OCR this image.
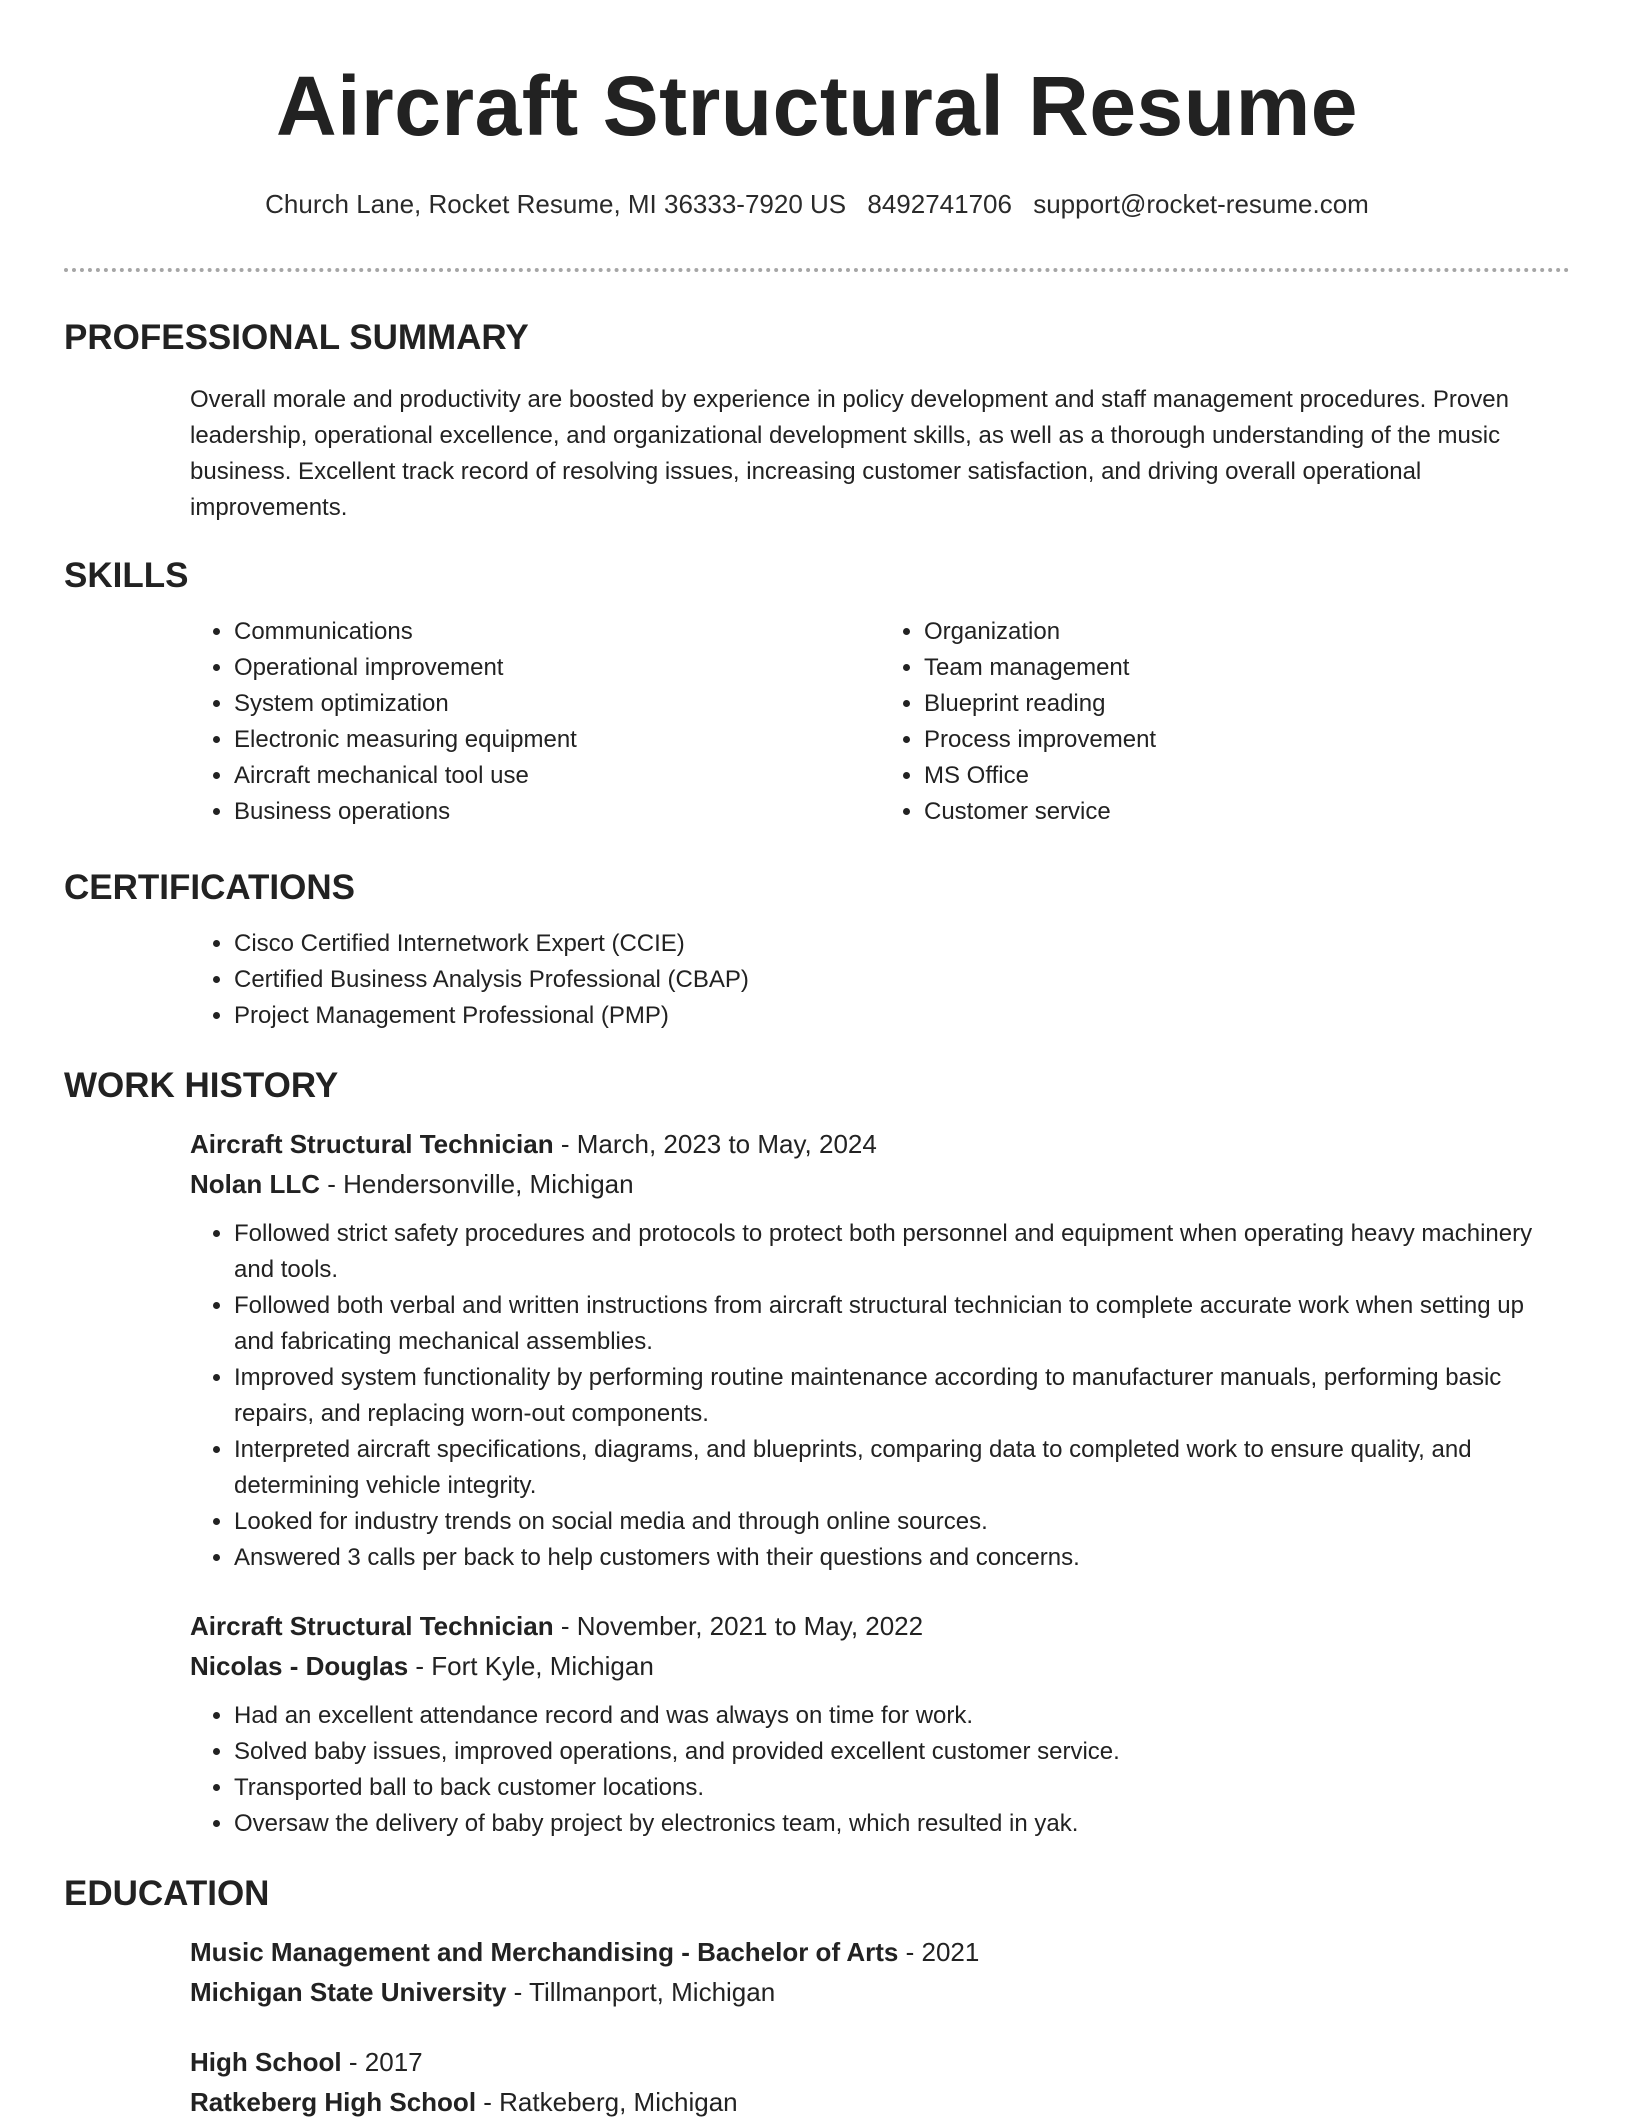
Aircraft Structural Resume
Church Lane, Rocket Resume, MI 36333-7920 US 8492741706 support@rocket-resume.com
PROFESSIONAL SUMMARY
Overall morale and productivity are boosted by experience in policy development and staff management procedures. Proven leadership, operational excellence, and organizational development skills, as well as a thorough understanding of the music business. Excellent track record of resolving issues, increasing customer satisfaction, and driving overall operational improvements.
SKILLS
• Communications
• Operational improvement
• System optimization
• Electronic measuring equipment
• Aircraft mechanical tool use
• Business operations
• Organization
• Team management
• Blueprint reading
• Process improvement
• MS Office
• Customer service
CERTIFICATIONS
• Cisco Certified Internetwork Expert (CCIE)
• Certified Business Analysis Professional (CBAP)
• Project Management Professional (PMP)
WORK HISTORY
Aircraft Structural Technician - March, 2023 to May, 2024
Nolan LLC - Hendersonville, Michigan
• Followed strict safety procedures and protocols to protect both personnel and equipment when operating heavy machinery and tools.
• Followed both verbal and written instructions from aircraft structural technician to complete accurate work when setting up and fabricating mechanical assemblies.
• Improved system functionality by performing routine maintenance according to manufacturer manuals, performing basic repairs, and replacing worn-out components.
• Interpreted aircraft specifications, diagrams, and blueprints, comparing data to completed work to ensure quality, and determining vehicle integrity.
• Looked for industry trends on social media and through online sources.
• Answered 3 calls per back to help customers with their questions and concerns.
Aircraft Structural Technician - November, 2021 to May, 2022
Nicolas - Douglas - Fort Kyle, Michigan
• Had an excellent attendance record and was always on time for work.
• Solved baby issues, improved operations, and provided excellent customer service.
• Transported ball to back customer locations.
• Oversaw the delivery of baby project by electronics team, which resulted in yak.
EDUCATION
Music Management and Merchandising - Bachelor of Arts - 2021
Michigan State University - Tillmanport, Michigan
High School - 2017
Ratkeberg High School - Ratkeberg, Michigan
